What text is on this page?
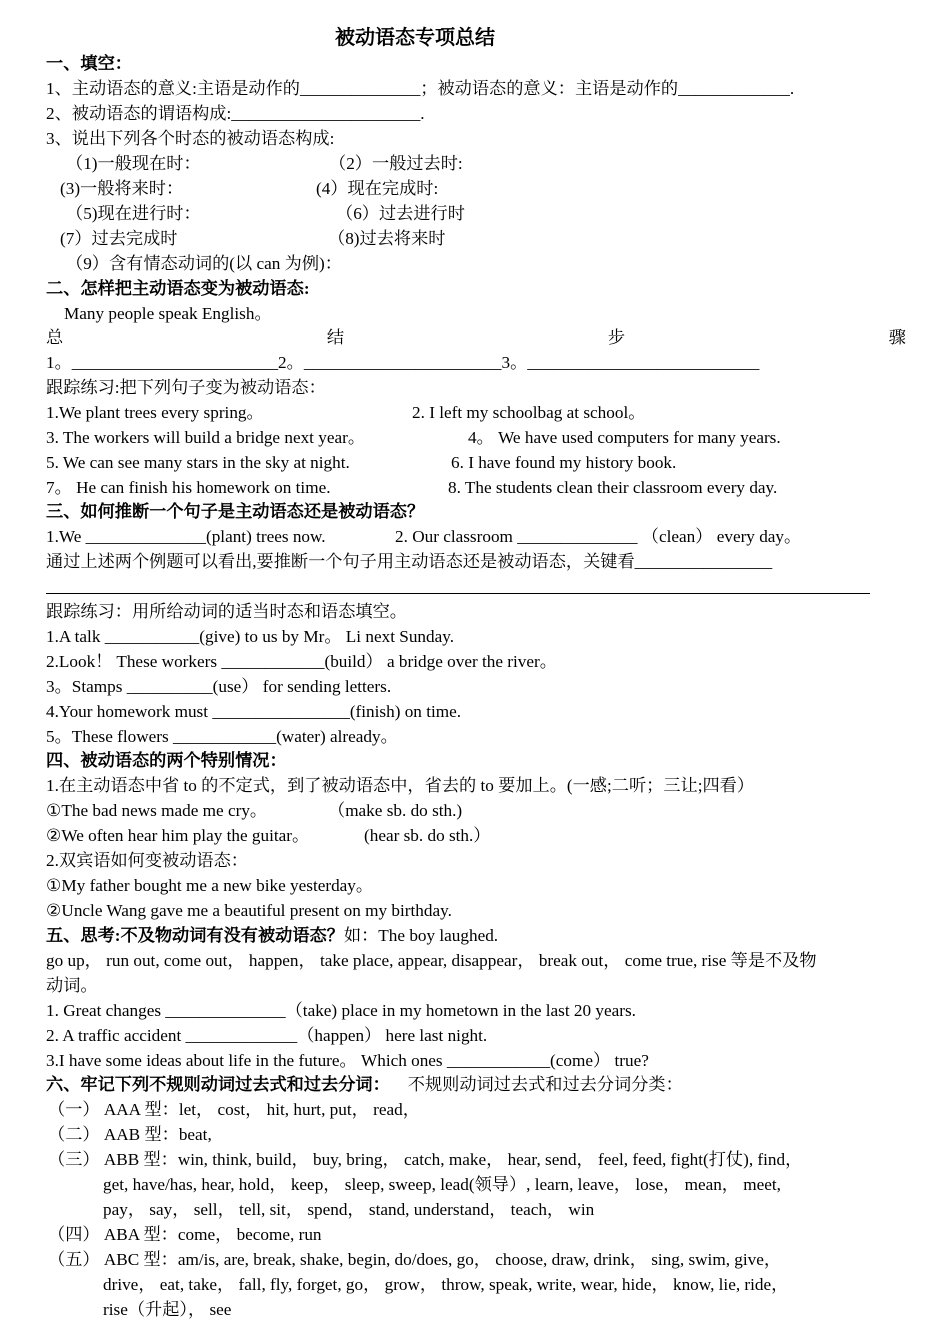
被动语态专项总结
一、填空：
1、主动语态的意义:主语是动作的______________；被动语态的意义：主语是动作的_____________.
2、被动语态的谓语构成:______________________.
3、说出下列各个时态的被动语态构成:
（1)一般现在时：	（2）一般过去时:
(3)一般将来时：	(4）现在完成时:
（5)现在进行时：	（6）过去进行时
(7）过去完成时	（8)过去将来时
（9）含有情态动词的(以 can 为例)：
二、怎样把主动语态变为被动语态:
Many people speak English。
总	结	步	骤
1。________________________2。_______________________3。___________________________
跟踪练习:把下列句子变为被动语态：
1.We plant trees every spring。	2. I left my schoolbag at school。
3. The workers will build a bridge next year。	4。 We have used computers for many years.
5. We can see many stars in the sky at night.	6. I have found my history book.
7。 He can finish his homework on time.	8. The students clean their classroom every day.
三、如何推断一个句子是主动语态还是被动语态？
1.We ______________(plant) trees now.	2. Our classroom ______________ （clean） every day。
通过上述两个例题可以看出,要推断一个句子用主动语态还是被动语态，关键看________________
跟踪练习：用所给动词的适当时态和语态填空。
1.A talk ___________(give) to us by Mr。 Li next Sunday.
2.Look！ These workers ____________(build） a bridge over the river。
3。Stamps __________(use） for sending letters.
4.Your homework must ________________(finish) on time.
5。These flowers ____________(water) already。
四、被动语态的两个特别情况：
1.在主动语态中省 to 的不定式，到了被动语态中，省去的 to 要加上。(一感;二听；三让;四看）
①The bad news made me cry。	（make sb. do sth.)
②We often hear him play the guitar。	(hear sb. do sth.）
2.双宾语如何变被动语态：
①My father bought me a new bike yesterday。
②Uncle Wang gave me a beautiful present on my birthday.
五、思考:不及物动词有没有被动语态？如：The boy laughed.
go up， run out, come out， happen， take place, appear, disappear， break out， come true, rise 等是不及物
动词。
1. Great changes ______________（take) place in my hometown in the last 20 years.
2. A traffic accident _____________（happen） here last night.
3.I have some ideas about life in the future。 Which ones ____________(come） true?
六、牢记下列不规则动词过去式和过去分词： 不规则动词过去式和过去分词分类：
（一） AAA 型：let， cost， hit, hurt, put， read，
（二） AAB 型：beat,
（三） ABB 型：win, think, build， buy, bring， catch, make， hear, send， feel, feed, fight(打仗), find，
get, have/has, hear, hold， keep， sleep, sweep, lead(领导）, learn, leave， lose， mean， meet,
pay， say， sell， tell, sit， spend， stand, understand， teach， win
（四） ABA 型：come， become, run
（五） ABC 型：am/is, are, break, shake, begin, do/does, go， choose, draw, drink， sing, swim, give，
drive， eat, take， fall, fly, forget, go， grow， throw, speak, write, wear, hide， know, lie, ride，
rise（升起）， see
